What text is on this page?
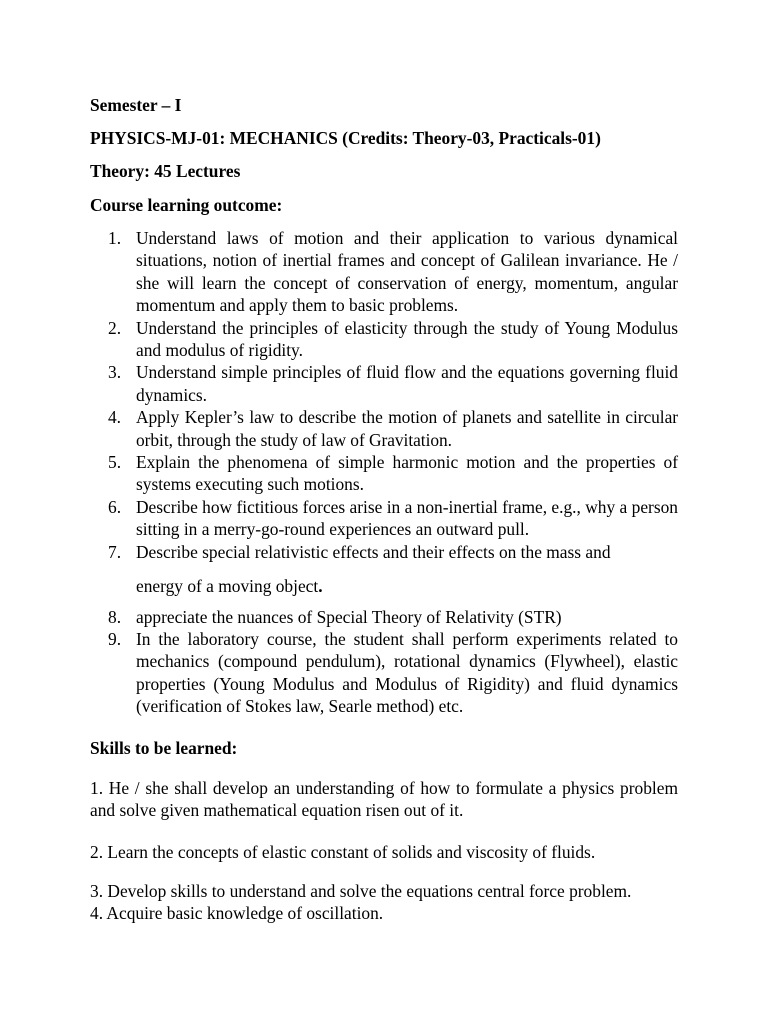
Semester – I

PHYSICS-MJ-01: MECHANICS (Credits: Theory-03, Practicals-01)

Theory: 45 Lectures

Course learning outcome:

1. Understand laws of motion and their application to various dynamical situations, notion of inertial frames and concept of Galilean invariance. He / she will learn the concept of conservation of energy, momentum, angular momentum and apply them to basic problems.
2. Understand the principles of elasticity through the study of Young Modulus and modulus of rigidity.
3. Understand simple principles of fluid flow and the equations governing fluid dynamics.
4. Apply Kepler’s law to describe the motion of planets and satellite in circular orbit, through the study of law of Gravitation.
5. Explain the phenomena of simple harmonic motion and the properties of systems executing such motions.
6. Describe how fictitious forces arise in a non-inertial frame, e.g., why a person sitting in a merry-go-round experiences an outward pull.
7. Describe special relativistic effects and their effects on the mass and
energy of a moving object.
8. appreciate the nuances of Special Theory of Relativity (STR)
9. In the laboratory course, the student shall perform experiments related to mechanics (compound pendulum), rotational dynamics (Flywheel), elastic properties (Young Modulus and Modulus of Rigidity) and fluid dynamics (verification of Stokes law, Searle method) etc.

Skills to be learned:

1. He / she shall develop an understanding of how to formulate a physics problem and solve given mathematical equation risen out of it.

2. Learn the concepts of elastic constant of solids and viscosity of fluids.

3. Develop skills to understand and solve the equations central force problem.

4. Acquire basic knowledge of oscillation.
